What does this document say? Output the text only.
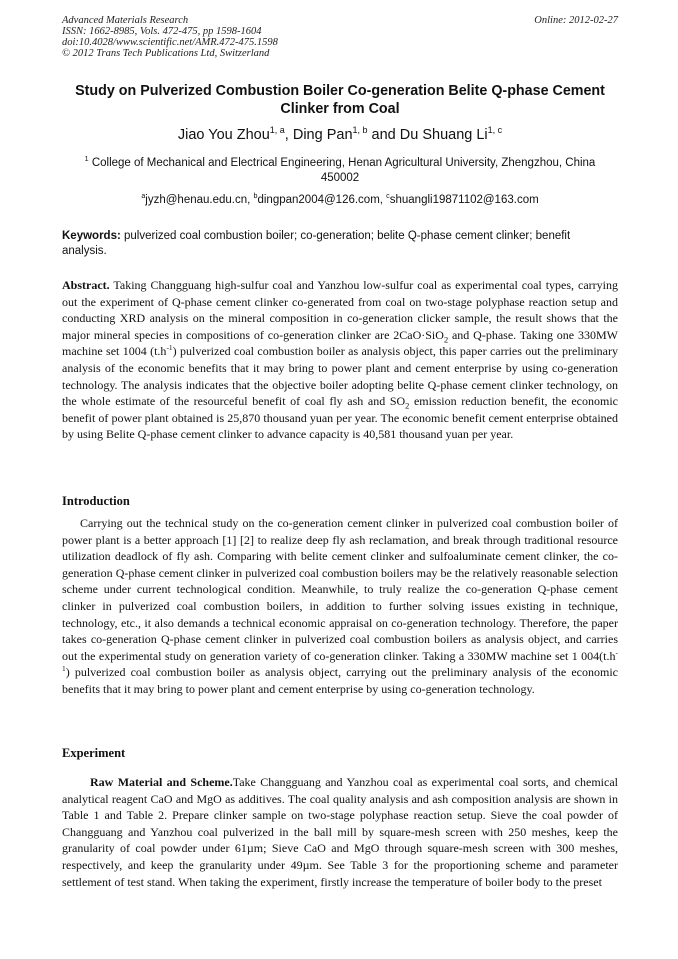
Advanced Materials Research
ISSN: 1662-8985, Vols. 472-475, pp 1598-1604
doi:10.4028/www.scientific.net/AMR.472-475.1598
© 2012 Trans Tech Publications Ltd, Switzerland
Online: 2012-02-27
Study on Pulverized Combustion Boiler Co-generation Belite Q-phase Cement Clinker from Coal
Jiao You Zhou$^{1, a}$, Ding Pan$^{1, b}$ and Du Shuang Li$^{1, c}$
$^1$ College of Mechanical and Electrical Engineering, Henan Agricultural University, Zhengzhou, China 450002
$^a$jyzh@henau.edu.cn, $^b$dingpan2004@126.com, $^c$shuangli19871102@163.com
Keywords: pulverized coal combustion boiler; co-generation; belite Q-phase cement clinker; benefit analysis.

Abstract. Taking Changguang high-sulfur coal and Yanzhou low-sulfur coal as experimental coal types, carrying out the experiment of Q-phase cement clinker co-generated from coal on two-stage polyphase reaction setup and conducting XRD analysis on the mineral composition in co-generation clicker sample, the result shows that the major mineral species in compositions of co-generation clinker are 2CaO·SiO$_2$ and Q-phase. Taking one 330MW machine set 1004 $(t.h^{-1})$ pulverized coal combustion boiler as analysis object, this paper carries out the preliminary analysis of the economic benefits that it may bring to power plant and cement enterprise by using co-generation technology. The analysis indicates that the objective boiler adopting belite Q-phase cement clinker technology, on the whole estimate of the resourceful benefit of coal fly ash and $SO_2$ emission reduction benefit, the economic benefit of power plant obtained is 25,870 thousand yuan per year. The economic benefit cement enterprise obtained by using Belite Q-phase cement clinker to advance capacity is 40,581 thousand yuan per year.

Introduction

Carrying out the technical study on the co-generation cement clinker in pulverized coal combustion boiler of power plant is a better approach [1] [2] to realize deep fly ash reclamation, and break through traditional resource utilization deadlock of fly ash. Comparing with belite cement clinker and sulfoaluminate cement clinker, the co-generation Q-phase cement clinker in pulverized coal combustion boilers may be the relatively reasonable selection scheme under current technological condition. Meanwhile, to truly realize the co-generation Q-phase cement clinker in pulverized coal combustion boilers, in addition to further solving issues existing in technique, technology, etc., it also demands a technical economic appraisal on co-generation technology. Therefore, the paper takes co-generation Q-phase cement clinker in pulverized coal combustion boilers as analysis object, and carries out the experimental study on generation variety of co-generation clinker. Taking a 330MW machine set 1 $004(t.h^{-1})$ pulverized coal combustion boiler as analysis object, carrying out the preliminary analysis of the economic benefits that it may bring to power plant and cement enterprise by using co-generation technology.

Experiment

Raw Material and Scheme.Take Changguang and Yanzhou coal as experimental coal sorts, and chemical analytical reagent CaO and MgO as additives. The coal quality analysis and ash composition analysis are shown in Table 1 and Table 2. Prepare clinker sample on two-stage polyphase reaction setup. Sieve the coal powder of Changguang and Yanzhou coal pulverized in the ball mill by square-mesh screen with 250 meshes, keep the granularity of coal powder under 61µm; Sieve CaO and MgO through square-mesh screen with 300 meshes, respectively, and keep the granularity under 49µm. See Table 3 for the proportioning scheme and parameter settlement of test stand. When taking the experiment, firstly increase the temperature of boiler body to the preset
